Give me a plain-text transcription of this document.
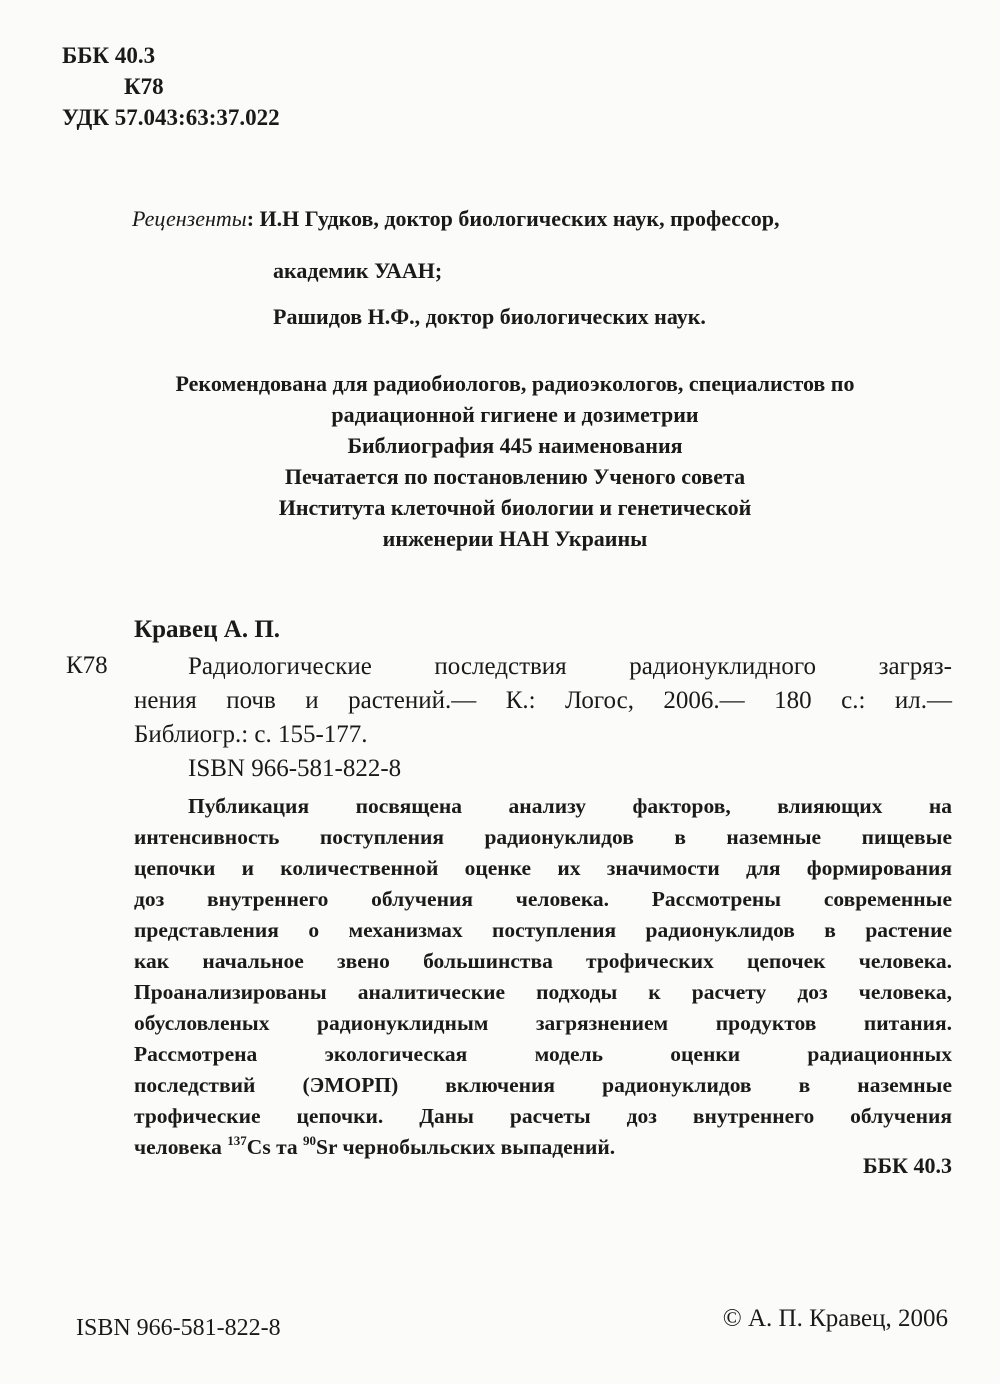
ББК 40.3
К78
УДК 57.043:63:37.022
Рецензенты: И.Н Гудков, доктор биологических наук, профессор,
академик УААН;
Рашидов Н.Ф., доктор биологических наук.
Рекомендована для радиобиологов, радиоэкологов, специалистов по
радиационной гигиене и дозиметрии
Библиография 445 наименования
Печатается по постановлению Ученого совета
Института клеточной биологии и генетической
инженерии НАН Украины
Кравец А. П.
К78	Радиологические последствия радионуклидного загряз-
нения почв и растений.— К.: Логос, 2006.— 180 с.: ил.—
Библиогр.: с. 155-177.
ISBN 966-581-822-8
Публикация посвящена анализу факторов, влияющих на
интенсивность поступления радионуклидов в наземные пищевые
цепочки и количественной оценке их значимости для формирования
доз внутреннего облучения человека. Рассмотрены современные
представления о механизмах поступления радионуклидов в растение
как начальное звено большинства трофических цепочек человека.
Проанализированы аналитические подходы к расчету доз человека,
обусловленых радионуклидным загрязнением продуктов питания.
Рассмотрена экологическая модель оценки радиационных
последствий (ЭМОРП) включения радионуклидов в наземные
трофические цепочки. Даны расчеты доз внутреннего облучения
человека $^{137}$Cs та $^{90}$Sr чернобыльских выпадений.
ББК 40.3
ISBN 966-581-822-8	© А. П. Кравец, 2006
